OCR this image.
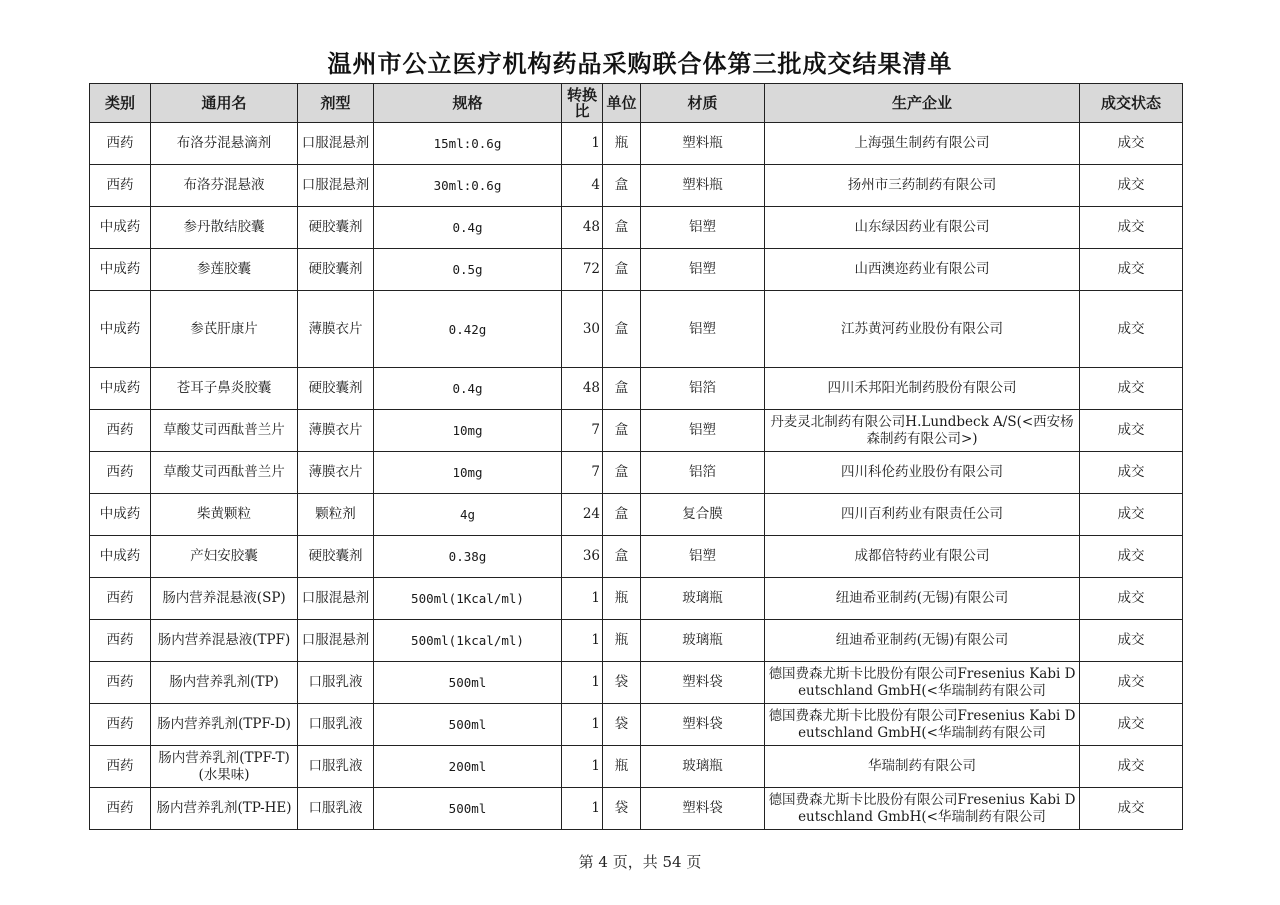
温州市公立医疗机构药品采购联合体第三批成交结果清单
类别	通用名	剂型	规格	转换比	单位	材质	生产企业	成交状态
西药	布洛芬混悬滴剂	口服混悬剂	15ml:0.6g	1	瓶	塑料瓶	上海强生制药有限公司	成交
西药	布洛芬混悬液	口服混悬剂	30ml:0.6g	4	盒	塑料瓶	扬州市三药制药有限公司	成交
中成药	参丹散结胶囊	硬胶囊剂	0.4g	48	盒	铝塑	山东绿因药业有限公司	成交
中成药	参莲胶囊	硬胶囊剂	0.5g	72	盒	铝塑	山西澳迩药业有限公司	成交
中成药	参芪肝康片	薄膜衣片	0.42g	30	盒	铝塑	江苏黄河药业股份有限公司	成交
中成药	苍耳子鼻炎胶囊	硬胶囊剂	0.4g	48	盒	铝箔	四川禾邦阳光制药股份有限公司	成交
西药	草酸艾司西酞普兰片	薄膜衣片	10mg	7	盒	铝塑	丹麦灵北制药有限公司H.Lundbeck A/S(<西安杨森制药有限公司>)	成交
西药	草酸艾司西酞普兰片	薄膜衣片	10mg	7	盒	铝箔	四川科伦药业股份有限公司	成交
中成药	柴黄颗粒	颗粒剂	4g	24	盒	复合膜	四川百利药业有限责任公司	成交
中成药	产妇安胶囊	硬胶囊剂	0.38g	36	盒	铝塑	成都倍特药业有限公司	成交
西药	肠内营养混悬液(SP)	口服混悬剂	500ml(1Kcal/ml)	1	瓶	玻璃瓶	纽迪希亚制药(无锡)有限公司	成交
西药	肠内营养混悬液(TPF)	口服混悬剂	500ml(1kcal/ml)	1	瓶	玻璃瓶	纽迪希亚制药(无锡)有限公司	成交
西药	肠内营养乳剂(TP)	口服乳液	500ml	1	袋	塑料袋	德国费森尤斯卡比股份有限公司Fresenius Kabi Deutschland GmbH(<华瑞制药有限公司	成交
西药	肠内营养乳剂(TPF-D)	口服乳液	500ml	1	袋	塑料袋	德国费森尤斯卡比股份有限公司Fresenius Kabi Deutschland GmbH(<华瑞制药有限公司	成交
西药	肠内营养乳剂(TPF-T)(水果味)	口服乳液	200ml	1	瓶	玻璃瓶	华瑞制药有限公司	成交
西药	肠内营养乳剂(TP-HE)	口服乳液	500ml	1	袋	塑料袋	德国费森尤斯卡比股份有限公司Fresenius Kabi Deutschland GmbH(<华瑞制药有限公司	成交
第 4 页，共 54 页
